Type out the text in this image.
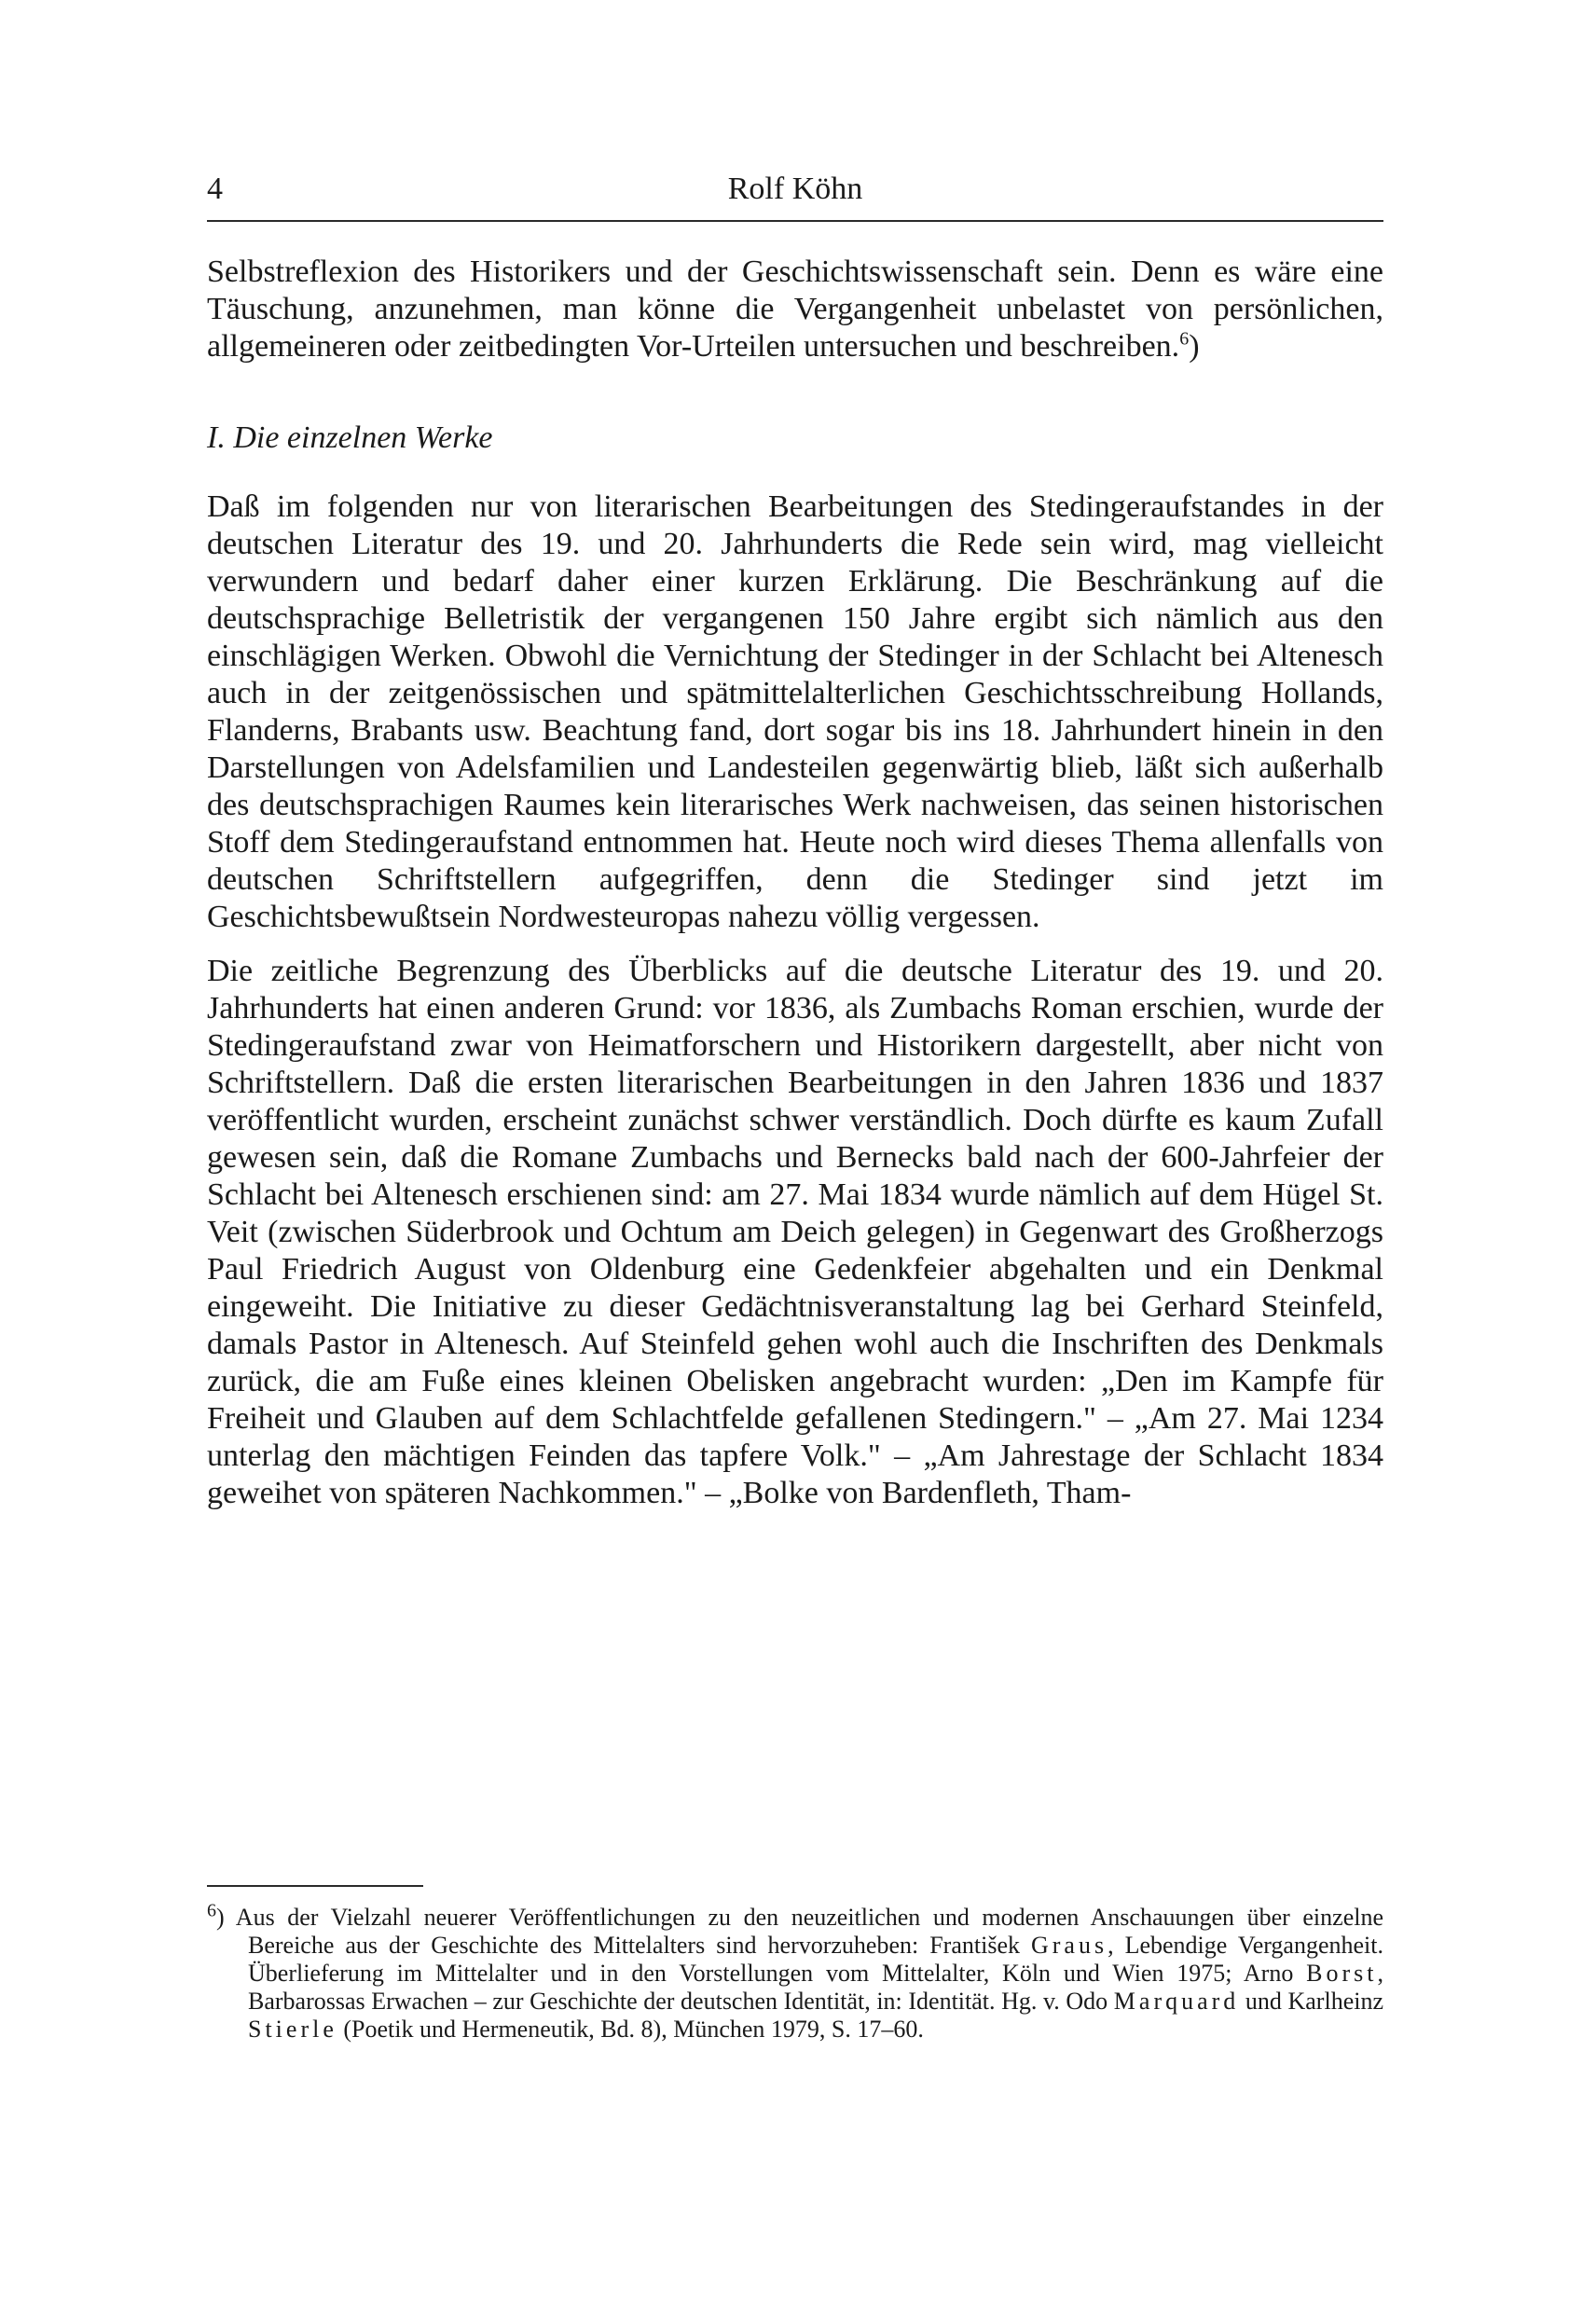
4	Rolf Köhn

Selbstreflexion des Historikers und der Geschichtswissenschaft sein. Denn es wäre eine Täuschung, anzunehmen, man könne die Vergangenheit unbelastet von persönlichen, allgemeineren oder zeitbedingten Vor-Urteilen untersuchen und beschreiben.$^6$)

I. Die einzelnen Werke

Daß im folgenden nur von literarischen Bearbeitungen des Stedingeraufstandes in der deutschen Literatur des 19. und 20. Jahrhunderts die Rede sein wird, mag vielleicht verwundern und bedarf daher einer kurzen Erklärung. Die Beschränkung auf die deutschsprachige Belletristik der vergangenen 150 Jahre ergibt sich nämlich aus den einschlägigen Werken. Obwohl die Vernichtung der Stedinger in der Schlacht bei Altenesch auch in der zeitgenössischen und spätmittelalterlichen Geschichtsschreibung Hollands, Flanderns, Brabants usw. Beachtung fand, dort sogar bis ins 18. Jahrhundert hinein in den Darstellungen von Adelsfamilien und Landesteilen gegenwärtig blieb, läßt sich außerhalb des deutschsprachigen Raumes kein literarisches Werk nachweisen, das seinen historischen Stoff dem Stedingeraufstand entnommen hat. Heute noch wird dieses Thema allenfalls von deutschen Schriftstellern aufgegriffen, denn die Stedinger sind jetzt im Geschichtsbewußtsein Nordwesteuropas nahezu völlig vergessen.

Die zeitliche Begrenzung des Überblicks auf die deutsche Literatur des 19. und 20. Jahrhunderts hat einen anderen Grund: vor 1836, als Zumbachs Roman erschien, wurde der Stedingeraufstand zwar von Heimatforschern und Historikern dargestellt, aber nicht von Schriftstellern. Daß die ersten literarischen Bearbeitungen in den Jahren 1836 und 1837 veröffentlicht wurden, erscheint zunächst schwer verständlich. Doch dürfte es kaum Zufall gewesen sein, daß die Romane Zumbachs und Bernecks bald nach der 600-Jahrfeier der Schlacht bei Altenesch erschienen sind: am 27. Mai 1834 wurde nämlich auf dem Hügel St. Veit (zwischen Süderbrook und Ochtum am Deich gelegen) in Gegenwart des Großherzogs Paul Friedrich August von Oldenburg eine Gedenkfeier abgehalten und ein Denkmal eingeweiht. Die Initiative zu dieser Gedächtnisveranstaltung lag bei Gerhard Steinfeld, damals Pastor in Altenesch. Auf Steinfeld gehen wohl auch die Inschriften des Denkmals zurück, die am Fuße eines kleinen Obelisken angebracht wurden: „Den im Kampfe für Freiheit und Glauben auf dem Schlachtfelde gefallenen Stedingern." – „Am 27. Mai 1234 unterlag den mächtigen Feinden das tapfere Volk." – „Am Jahrestage der Schlacht 1834 geweihet von späteren Nachkommen." – „Bolke von Bardenfleth, Tham-

$^6$) Aus der Vielzahl neuerer Veröffentlichungen zu den neuzeitlichen und modernen Anschauungen über einzelne Bereiche aus der Geschichte des Mittelalters sind hervorzuheben: František Graus, Lebendige Vergangenheit. Überlieferung im Mittelalter und in den Vorstellungen vom Mittelalter, Köln und Wien 1975; Arno Borst, Barbarossas Erwachen – zur Geschichte der deutschen Identität, in: Identität. Hg. v. Odo Marquard und Karlheinz Stierle (Poetik und Hermeneutik, Bd. 8), München 1979, S. 17–60.
